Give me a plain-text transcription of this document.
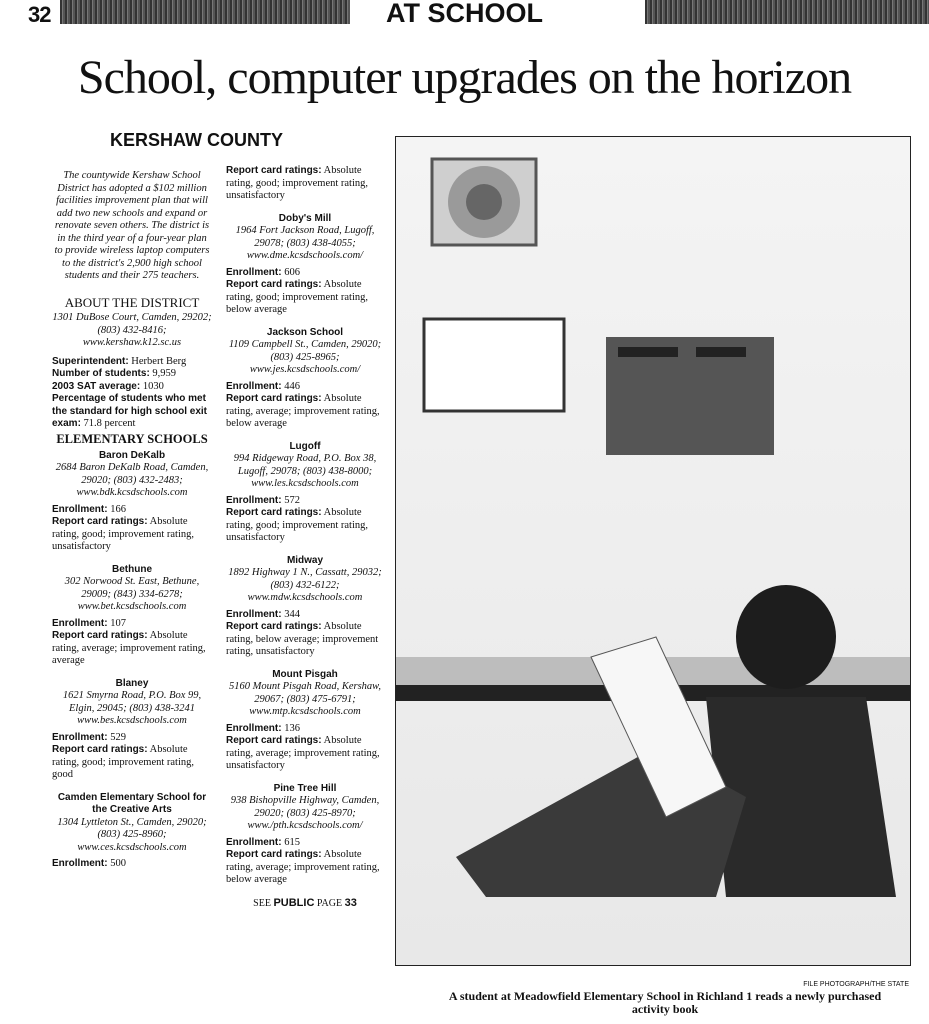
32	AT SCHOOL
School, computer upgrades on the horizon
KERSHAW COUNTY
The countywide Kershaw School District has adopted a $102 million facilities improvement plan that will add two new schools and expand or renovate seven others. The district is in the third year of a four-year plan to provide wireless laptop computers to the district's 2,900 high school students and their 275 teachers.
ABOUT THE DISTRICT
1301 DuBose Court, Camden, 29202; (803) 432-8416; www.kershaw.k12.sc.us

Superintendent: Herbert Berg

Number of students: 9,959

2003 SAT average: 1030

Percentage of students who met the standard for high school exit exam: 71.8 percent

ELEMENTARY SCHOOLS
Baron DeKalb
2684 Baron DeKalb Road, Camden, 29020; (803) 432-2483; www.bdk.kcsdschools.com
Enrollment: 166
Report card ratings: Absolute rating, good; improvement rating, unsatisfactory
Bethune
302 Norwood St. East, Bethune, 29009; (843) 334-6278; www.bet.kcsdschools.com
Enrollment: 107
Report card ratings: Absolute rating, average; improvement rating, average
Blaney
1621 Smyrna Road, P.O. Box 99, Elgin, 29045; (803) 438-3241 www.bes.kcsdschools.com
Enrollment: 529
Report card ratings: Absolute rating, good; improvement rating, good
Camden Elementary School for the Creative Arts
1304 Lyttleton St., Camden, 29020; (803) 425-8960; www.ces.kcsdschools.com
Enrollment: 500
Report card ratings: Absolute rating, good; improvement rating, unsatisfactory
Doby's Mill
1964 Fort Jackson Road, Lugoff, 29078; (803) 438-4055; www.dme.kcsdschools.com/
Enrollment: 606
Report card ratings: Absolute rating, good; improvement rating, below average
Jackson School
1109 Campbell St., Camden, 29020; (803) 425-8965; www.jes.kcsdschools.com/
Enrollment: 446
Report card ratings: Absolute rating, average; improvement rating, below average
Lugoff
994 Ridgeway Road, P.O. Box 38, Lugoff, 29078; (803) 438-8000; www.les.kcsdschools.com
Enrollment: 572
Report card ratings: Absolute rating, good; improvement rating, unsatisfactory
Midway
1892 Highway 1 N., Cassatt, 29032; (803) 432-6122; www.mdw.kcsdschools.com
Enrollment: 344
Report card ratings: Absolute rating, below average; improvement rating, unsatisfactory
Mount Pisgah
5160 Mount Pisgah Road, Kershaw, 29067; (803) 475-6791; www.mtp.kcsdschools.com
Enrollment: 136
Report card ratings: Absolute rating, average; improvement rating, unsatisfactory
Pine Tree Hill
938 Bishopville Highway, Camden, 29020; (803) 425-8970; www./pth.kcsdschools.com/
Enrollment: 615
Report card ratings: Absolute rating, average; improvement rating, below average
SEE PUBLIC PAGE 33
FILE PHOTOGRAPH/THE STATE
A student at Meadowfield Elementary School in Richland 1 reads a newly purchased activity book
